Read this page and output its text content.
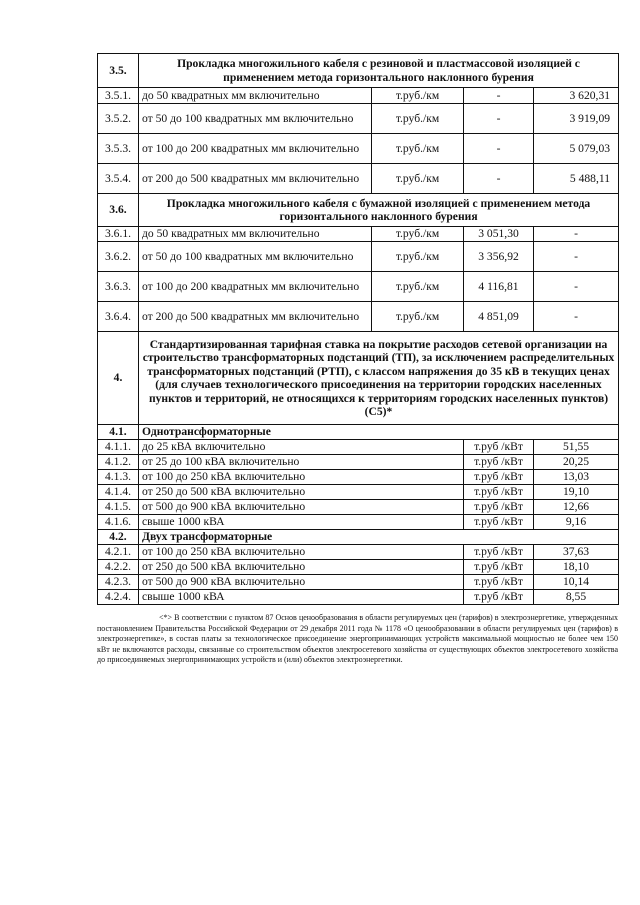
3.5.	Прокладка многожильного кабеля с резиновой и пластмассовой изоляцией с применением метода горизонтального наклонного бурения			
3.5.1.	до 50 квадратных мм включительно	т.руб./км	-	3 620,31
3.5.2.	от 50 до 100 квадратных мм включительно	т.руб./км	-	3 919,09
3.5.3.	от 100 до 200 квадратных мм включительно	т.руб./км	-	5 079,03
3.5.4.	от 200 до 500 квадратных мм включительно	т.руб./км	-	5 488,11
3.6.	Прокладка многожильного кабеля с бумажной изоляцией с применением метода горизонтального наклонного бурения			
3.6.1.	до 50 квадратных мм включительно	т.руб./км	3 051,30	-
3.6.2.	от 50 до 100 квадратных мм включительно	т.руб./км	3 356,92	-
3.6.3.	от 100 до 200 квадратных мм включительно	т.руб./км	4 116,81	-
3.6.4.	от 200 до 500 квадратных мм включительно	т.руб./км	4 851,09	-
4.	Стандартизированная тарифная ставка на покрытие расходов сетевой организации на строительство трансформаторных подстанций (ТП), за исключением распределительных трансформаторных подстанций (РТП), с классом напряжения до 35 кВ в текущих ценах (для случаев технологического присоединения на территории городских населенных пунктов и территорий, не относящихся к территориям городских населенных пунктов) (С5)*			
4.1.	Однотрансформаторные			
4.1.1.	до 25 кВА включительно		т.руб /кВт	51,55
4.1.2.	от 25 до 100 кВА включительно		т.руб /кВт	20,25
4.1.3.	от 100 до 250 кВА включительно		т.руб /кВт	13,03
4.1.4.	от 250 до 500 кВА включительно		т.руб /кВт	19,10
4.1.5.	от 500 до 900 кВА включительно		т.руб /кВт	12,66
4.1.6.	свыше 1000 кВА		т.руб /кВт	9,16
4.2.	Двух трансформаторные			
4.2.1.	от 100 до 250 кВА включительно		т.руб /кВт	37,63
4.2.2.	от 250 до 500 кВА включительно		т.руб /кВт	18,10
4.2.3.	от 500 до 900 кВА включительно		т.руб /кВт	10,14
4.2.4.	свыше 1000 кВА		т.руб /кВт	8,55

<*> В соответствии с пунктом 87 Основ ценообразования в области регулируемых цен (тарифов) в электроэнергетике, утвержденных постановлением Правительства Российской Федерации от 29 декабря 2011 года № 1178 «О ценообразовании в области регулируемых цен (тарифов) в электроэнергетике», в состав платы за технологическое присоединение энергопринимающих устройств максимальной мощностью не более чем 150 кВт не включаются расходы, связанные со строительством объектов электросетевого хозяйства от существующих объектов электросетевого хозяйства до присоединяемых энергопринимающих устройств и (или) объектов электроэнергетики.
